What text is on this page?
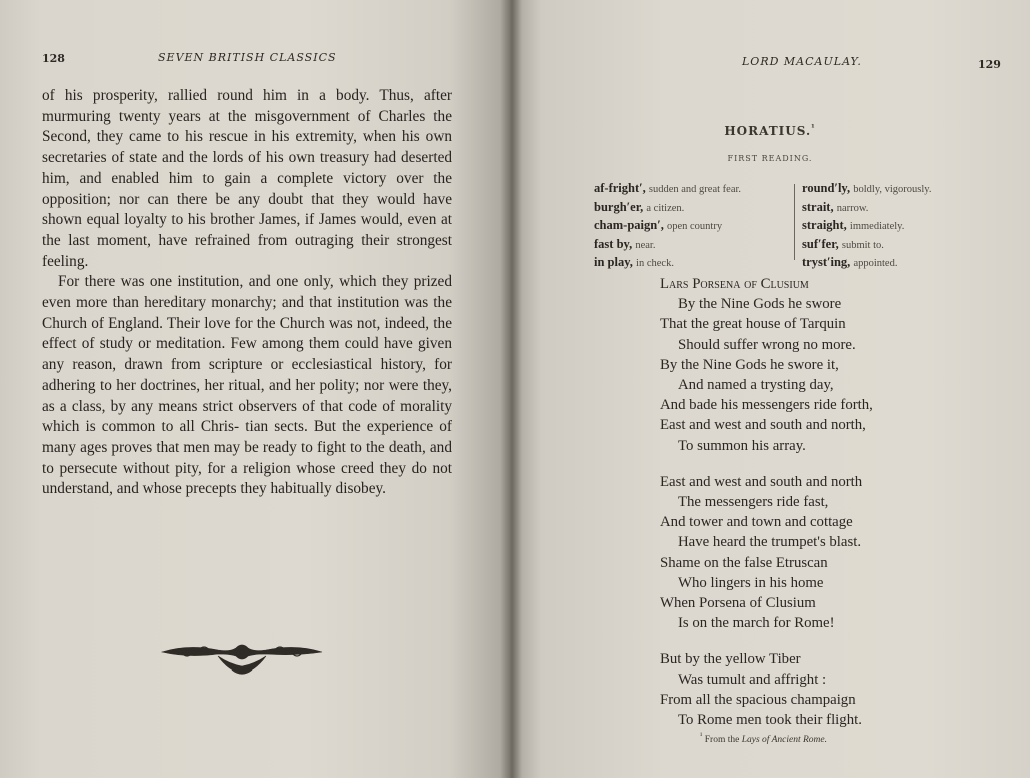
128	SEVEN BRITISH CLASSICS

of his prosperity, rallied round him in a body. Thus, after murmuring twenty years at the misgovernment of Charles the Second, they came to his rescue in his extremity, when his own secretaries of state and the lords of his own treasury had deserted him, and enabled him to gain a complete victory over the opposition; nor can there be any doubt that they would have shown equal loyalty to his brother James, if James would, even at the last moment, have refrained from outraging their strongest feeling.

For there was one institution, and one only, which they prized even more than hereditary monarchy; and that institution was the Church of England. Their love for the Church was not, indeed, the effect of study or meditation. Few among them could have given any reason, drawn from scripture or ecclesiastical history, for adhering to her doctrines, her ritual, and her polity; nor were they, as a class, by any means strict observers of that code of morality which is common to all Chris- tian sects. But the experience of many ages proves that men may be ready to fight to the death, and to persecute without pity, for a religion whose creed they do not understand, and whose precepts they habitually disobey.

LORD MACAULAY.	129
HORATIUS.$^{^1}$
FIRST READING.
af-fright′, sudden and great fear.
burgh′er, a citizen.
cham-paign′, open country
fast by, near.
in play, in check.
round′ly, boldly, vigorously.
strait, narrow.
straight, immediately.
suf′fer, submit to.
tryst′ing, appointed.
Lars Porsena of Clusium
By the Nine Gods he swore
That the great house of Tarquin
Should suffer wrong no more.
By the Nine Gods he swore it,
And named a trysting day,
And bade his messengers ride forth,
East and west and south and north,
To summon his array.
East and west and south and north
The messengers ride fast,
And tower and town and cottage
Have heard the trumpet's blast.
Shame on the false Etruscan
Who lingers in his home
When Porsena of Clusium
Is on the march for Rome!
But by the yellow Tiber
Was tumult and affright :
From all the spacious champaign
To Rome men took their flight.
$^{^1}$ From the Lays of Ancient Rome.
